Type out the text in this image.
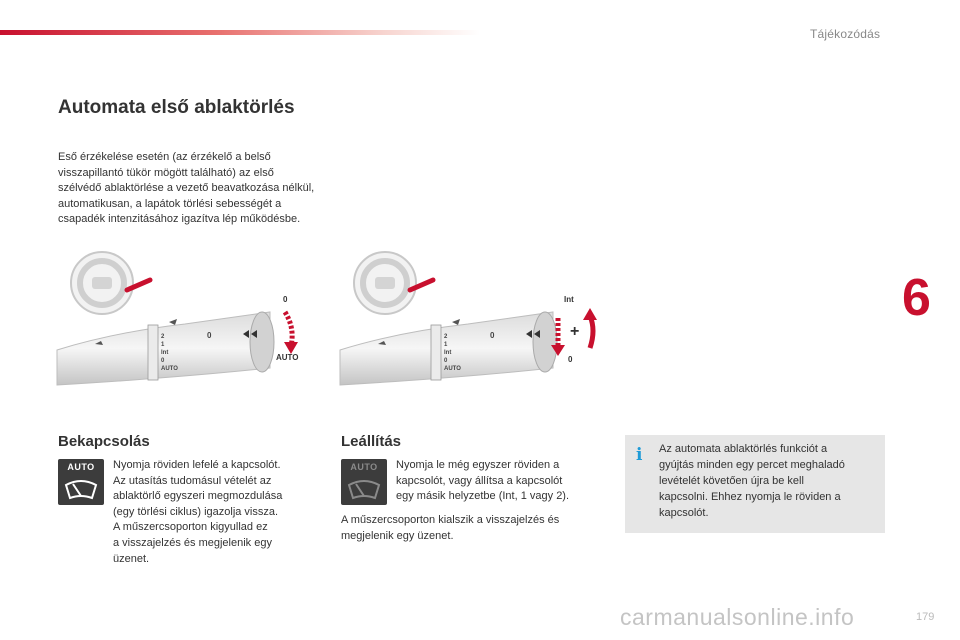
Tájékozódás
6
179
Automata első ablaktörlés
Eső érzékelése esetén (az érzékelő a belső visszapillantó tükör mögött található) az első szélvédő ablaktörlése a vezető beavatkozása nélkül, automatikusan, a lapátok törlési sebességét a csapadék intenzitásához igazítva lép működésbe.
2
1
Int
0
AUTO
0
0
AUTO
2
1
Int
0
AUTO
0
Int
+
0
Bekapcsolás
AUTO	Nyomja röviden lefelé a kapcsolót.
Az utasítás tudomásul vételét az
ablaktörlő egyszeri megmozdulása
(egy törlési ciklus) igazolja vissza.
A műszercsoporton kigyullad ez
a visszajelzés és megjelenik egy
üzenet.
Leállítás
AUTO	Nyomja le még egyszer röviden a
kapcsolót, vagy állítsa a kapcsolót
egy másik helyzetbe (Int, 1 vagy 2).
A műszercsoporton kialszik a visszajelzés és
megjelenik egy üzenet.
i Az automata ablaktörlés funkciót a
gyújtás minden egy percet meghaladó
levételét követően újra be kell
kapcsolni. Ehhez nyomja le röviden a
kapcsolót.
carmanualsonline.info
